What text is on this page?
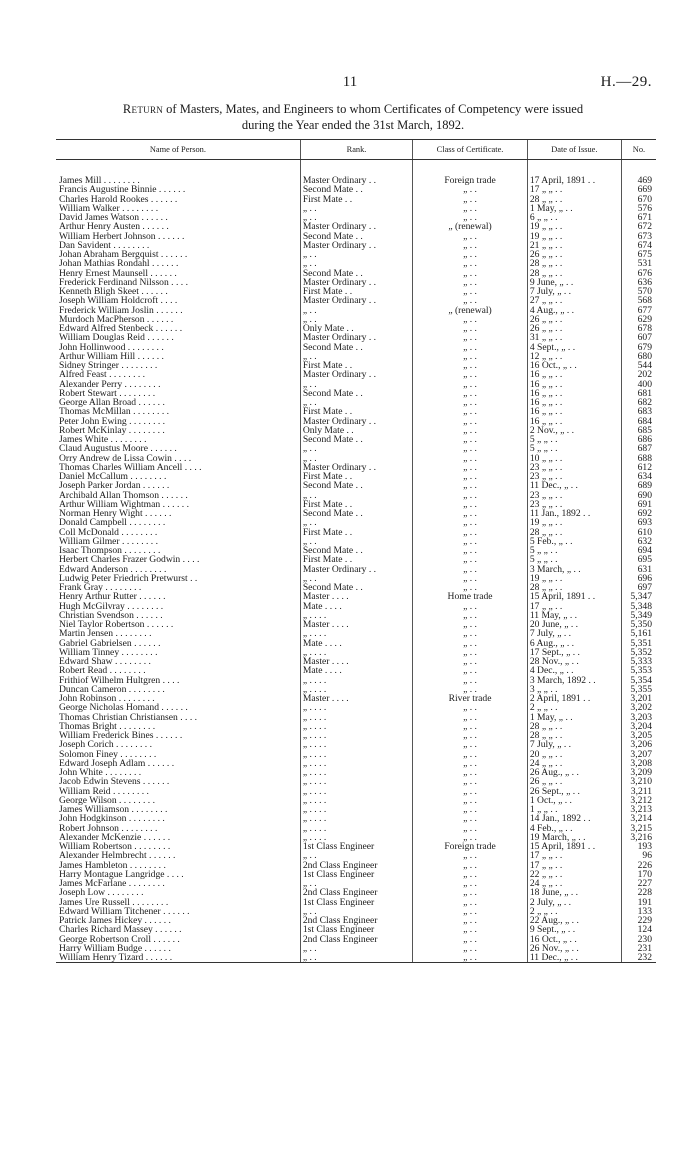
11	H.—29.
Return of Masters, Mates, and Engineers to whom Certificates of Competency were issued
during the Year ended the 31st March, 1892.
Name of Person.	Rank.	Class of Certificate.	Date of Issue.	No.

James Mill . . . . . . . .	Master Ordinary . .	Foreign trade	17 April, 1891 . .	469
Francis Augustine Binnie . . . . . .	Second Mate . .	„ . .	17 „ „ . .	669
Charles Harold Rookes . . . . . .	First Mate . .	„ . .	28 „ „ . .	670
William Walker . . . . . . . .	„ . .	„ . .	1 May, „ . .	576
David James Watson . . . . . .	„ . .	„ . .	6 „ „ . .	671
Arthur Henry Austen . . . . . .	Master Ordinary . .	„ (renewal)	19 „ „ . .	672
William Herbert Johnson . . . . . .	Second Mate . .	„ . .	19 „ „ . .	673
Dan Savident . . . . . . . .	Master Ordinary . .	„ . .	21 „ „ . .	674
Johan Abraham Bergquist . . . . . .	„ . .	„ . .	26 „ „ . .	675
Johan Mathias Rondahl . . . . . .	„ . .	„ . .	28 „ „ . .	531
Henry Ernest Maunsell . . . . . .	Second Mate . .	„ . .	28 „ „ . .	676
Frederick Ferdinand Nilsson . . . .	Master Ordinary . .	„ . .	9 June, „ . .	636
Kenneth Bligh Skeet . . . . . .	First Mate . .	„ . .	7 July, „ . .	570
Joseph William Holdcroft . . . .	Master Ordinary . .	„ . .	27 „ „ . .	568
Frederick William Joslin . . . . . .	„ . .	„ (renewal)	4 Aug., „ . .	677
Murdoch MacPherson . . . . . .	„ . .	„ . .	26 „ „ . .	629
Edward Alfred Stenbeck . . . . . .	Only Mate . .	„ . .	26 „ „ . .	678
William Douglas Reid . . . . . .	Master Ordinary . .	„ . .	31 „ „ . .	607
John Hollinwood . . . . . . . .	Second Mate . .	„ . .	4 Sept., „ . .	679
Arthur William Hill . . . . . .	„ . .	„ . .	12 „ „ . .	680
Sidney Stringer . . . . . . . .	First Mate . .	„ . .	16 Oct., „ . .	544
Alfred Feast . . . . . . . .	Master Ordinary . .	„ . .	16 „ „ . .	202
Alexander Perry . . . . . . . .	„ . .	„ . .	16 „ „ . .	400
Robert Stewart . . . . . . . .	Second Mate . .	„ . .	16 „ „ . .	681
George Allan Broad . . . . . .	„ . .	„ . .	16 „ „ . .	682
Thomas McMillan . . . . . . . .	First Mate . .	„ . .	16 „ „ . .	683
Peter John Ewing . . . . . . . .	Master Ordinary . .	„ . .	16 „ „ . .	684
Robert McKinlay . . . . . . . .	Only Mate . .	„ . .	2 Nov., „ . .	685
James White . . . . . . . .	Second Mate . .	„ . .	5 „ „ . .	686
Claud Augustus Moore . . . . . .	„ . .	„ . .	5 „ „ . .	687
Orry Andrew de Lissa Cowin . . . .	„ . .	„ . .	10 „ „ . .	688
Thomas Charles William Ancell . . . .	Master Ordinary . .	„ . .	23 „ „ . .	612
Daniel McCallum . . . . . . . .	First Mate . .	„ . .	23 „ „ . .	634
Joseph Parker Jordan . . . . . .	Second Mate . .	„ . .	11 Dec., „ . .	689
Archibald Allan Thomson . . . . . .	„ . .	„ . .	23 „ „ . .	690
Arthur William Wightman . . . . . .	First Mate . .	„ . .	23 „ „ . .	691
Norman Henry Wight . . . . . .	Second Mate . .	„ . .	11 Jan., 1892 . .	692
Donald Campbell . . . . . . . .	„ . .	„ . .	19 „ „ . .	693
Coll McDonald . . . . . . . .	First Mate . .	„ . .	28 „ „ . .	610
William Gilmer . . . . . . . .	„ . .	„ . .	5 Feb., „ . .	632
Isaac Thompson . . . . . . . .	Second Mate . .	„ . .	5 „ „ . .	694
Herbert Charles Frazer Godwin . . . .	First Mate . .	„ . .	5 „ „ . .	695
Edward Anderson . . . . . . . .	Master Ordinary . .	„ . .	3 March, „ . .	631
Ludwig Peter Friedrich Pretwurst . .	„ . .	„ . .	19 „ „ . .	696
Frank Gray . . . . . . . .	Second Mate . .	„ . .	28 „ „ . .	697
Henry Arthur Rutter . . . . . .	Master . . . .	Home trade	15 April, 1891 . .	5,347
Hugh McGilvray . . . . . . . .	Mate . . . .	„ . .	17 „ „ . .	5,348
Christian Svendson . . . . . .	„ . . . .	„ . .	11 May, „ . .	5,349
Niel Taylor Robertson . . . . . .	Master . . . .	„ . .	20 June, „ . .	5,350
Martin Jensen . . . . . . . .	„ . . . .	„ . .	7 July, „ . .	5,161
Gabriel Gabrielsen . . . . . .	Mate . . . .	„ . .	6 Aug., „ . .	5,351
William Tinney . . . . . . . .	„ . . . .	„ . .	17 Sept., „ . .	5,352
Edward Shaw . . . . . . . .	Master . . . .	„ . .	28 Nov., „ . .	5,333
Robert Read . . . . . . . .	Mate . . . .	„ . .	4 Dec., „ . .	5,353
Frithiof Wilhelm Hultgren . . . .	„ . . . .	„ . .	3 March, 1892 . .	5,354
Duncan Cameron . . . . . . . .	„ . . . .	„ . .	3 „ „ . .	5,355
John Robinson . . . . . . . .	Master . . . .	River trade	2 April, 1891 . .	3,201
George Nicholas Homand . . . . . .	„ . . . .	„ . .	2 „ „ . .	3,202
Thomas Christian Christiansen . . . .	„ . . . .	„ . .	1 May, „ . .	3,203
Thomas Bright . . . . . . . .	„ . . . .	„ . .	28 „ „ . .	3,204
William Frederick Bines . . . . . .	„ . . . .	„ . .	28 „ „ . .	3,205
Joseph Corich . . . . . . . .	„ . . . .	„ . .	7 July, „ . .	3,206
Solomon Finey . . . . . . . .	„ . . . .	„ . .	20 „ „ . .	3,207
Edward Joseph Adlam . . . . . .	„ . . . .	„ . .	24 „ „ . .	3,208
John White . . . . . . . .	„ . . . .	„ . .	26 Aug., „ . .	3,209
Jacob Edwin Stevens . . . . . .	„ . . . .	„ . .	26 „ „ . .	3,210
William Reid . . . . . . . .	„ . . . .	„ . .	26 Sept., „ . .	3,211
George Wilson . . . . . . . .	„ . . . .	„ . .	1 Oct., „ . .	3,212
James Williamson . . . . . . . .	„ . . . .	„ . .	1 „ „ . .	3,213
John Hodgkinson . . . . . . . .	„ . . . .	„ . .	14 Jan., 1892 . .	3,214
Robert Johnson . . . . . . . .	„ . . . .	„ . .	4 Feb., „ . .	3,215
Alexander McKenzie . . . . . .	„ . . . .	„ . .	19 March, „ . .	3,216
William Robertson . . . . . . . .	1st Class Engineer	Foreign trade	15 April, 1891 . .	193
Alexander Helmbrecht . . . . . .	„ . .	„ . .	17 „ „ . .	96
James Hambleton . . . . . . . .	2nd Class Engineer	„ . .	17 „ „ . .	226
Harry Montague Langridge . . . .	1st Class Engineer	„ . .	22 „ „ . .	170
James McFarlane . . . . . . . .	„ . .	„ . .	24 „ „ . .	227
Joseph Low . . . . . . . .	2nd Class Engineer	„ . .	18 June, „ . .	228
James Ure Russell . . . . . . . .	1st Class Engineer	„ . .	2 July, „ . .	191
Edward William Titchener . . . . . .	„ . .	„ . .	2 „ „ . .	133
Patrick James Hickey . . . . . .	2nd Class Engineer	„ . .	22 Aug., „ . .	229
Charles Richard Massey . . . . . .	1st Class Engineer	„ . .	9 Sept., „ . .	124
George Robertson Croll . . . . . .	2nd Class Engineer	„ . .	16 Oct., „ . .	230
Harry William Budge . . . . . .	„ . .	„ . .	26 Nov., „ . .	231
William Henry Tizard . . . . . .	„ . .	„ . .	11 Dec., „ . .	232
